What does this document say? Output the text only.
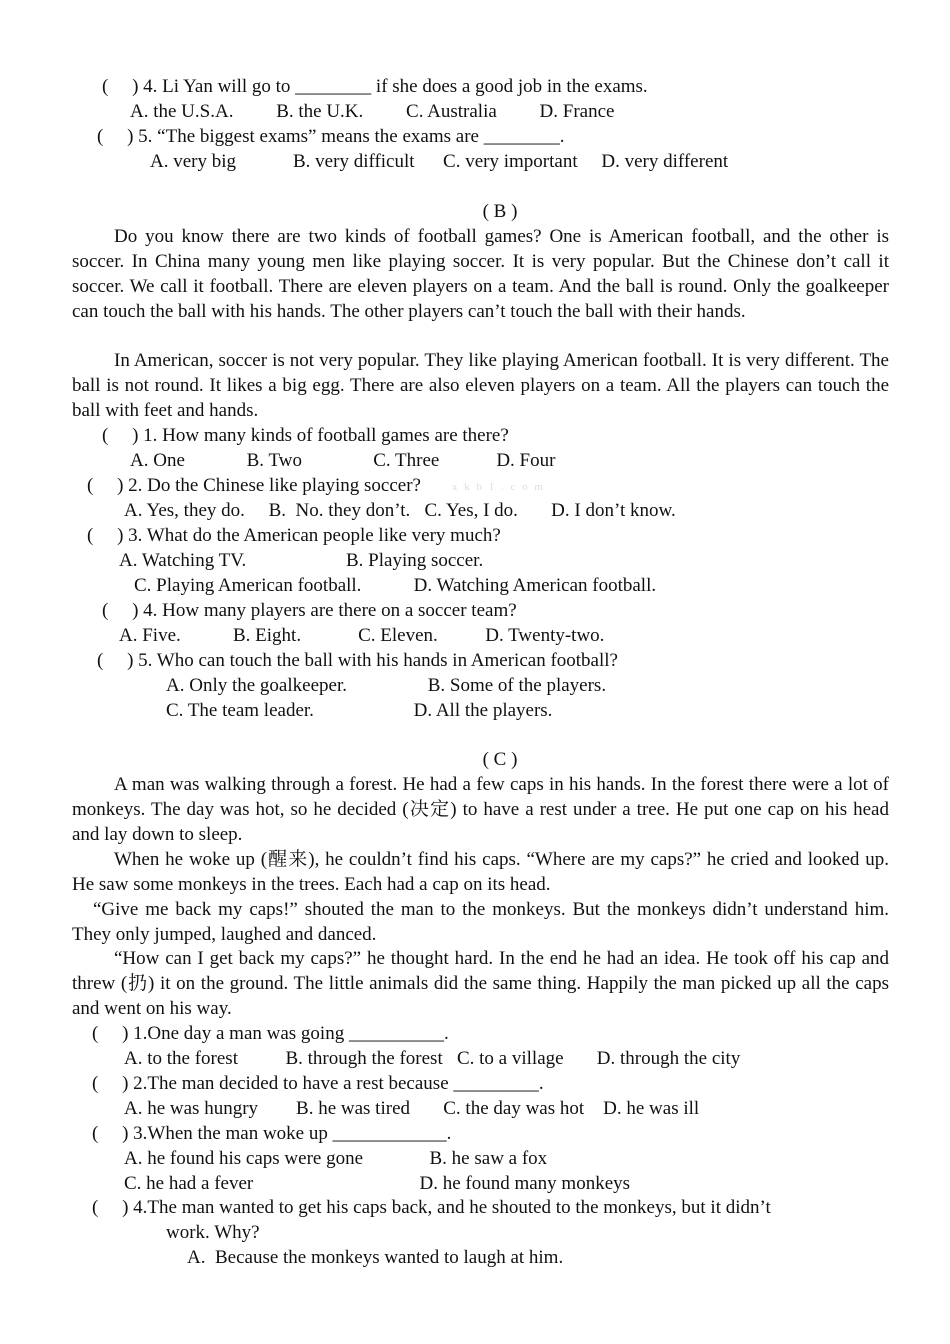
(     ) 4. Li Yan will go to ________ if she does a good job in the exams.
A. the U.S.A.         B. the U.K.         C. Australia         D. France
(     ) 5. “The biggest exams” means the exams are ________.
A. very big            B. very difficult      C. very important     D. very different
( B )
Do you know there are two kinds of football games? One is American football, and the other is soccer. In China many young men like playing soccer. It is very popular. But the Chinese don’t call it soccer. We call it football. There are eleven players on a team. And the ball is round. Only the goalkeeper can touch the ball with his hands. The other players can’t touch the ball with their hands.
In American, soccer is not very popular. They like playing American football. It is very different. The ball is not round. It likes a big egg. There are also eleven players on a team. All the players can touch the ball with feet and hands.
(     ) 1. How many kinds of football games are there?
A. One             B. Two               C. Three            D. Four
(     ) 2. Do the Chinese like playing soccer?	x k b 1 . c o m
A. Yes, they do.     B.  No. they don’t.   C. Yes, I do.       D. I don’t know.
(     ) 3. What do the American people like very much?
A. Watching TV.                     B. Playing soccer.
C. Playing American football.           D. Watching American football.
(     ) 4. How many players are there on a soccer team?
A. Five.           B. Eight.            C. Eleven.          D. Twenty-two.
(     ) 5. Who can touch the ball with his hands in American football?
A. Only the goalkeeper.                 B. Some of the players.
C. The team leader.                     D. All the players.
( C )
A man was walking through a forest. He had a few caps in his hands. In the forest there were a lot of monkeys. The day was hot, so he decided (决定) to have a rest under a tree. He put one cap on his head and lay down to sleep.
When he woke up (醒来), he couldn’t find his caps. “Where are my caps?” he cried and looked up. He saw some monkeys in the trees. Each had a cap on its head.
“Give me back my caps!” shouted the man to the monkeys. But the monkeys didn’t understand him. They only jumped, laughed and danced.
“How can I get back my caps?” he thought hard. In the end he had an idea. He took off his cap and threw (扔) it on the ground. The little animals did the same thing. Happily the man picked up all the caps and went on his way.
(     ) 1.One day a man was going __________.
A. to the forest          B. through the forest   C. to a village       D. through the city
(     ) 2.The man decided to have a rest because _________.
A. he was hungry        B. he was tired       C. the day was hot    D. he was ill
(     ) 3.When the man woke up ____________.
A. he found his caps were gone              B. he saw a fox
C. he had a fever                                   D. he found many monkeys
(     ) 4.The man wanted to get his caps back, and he shouted to the monkeys, but it didn’t
work. Why?
A.  Because the monkeys wanted to laugh at him.
